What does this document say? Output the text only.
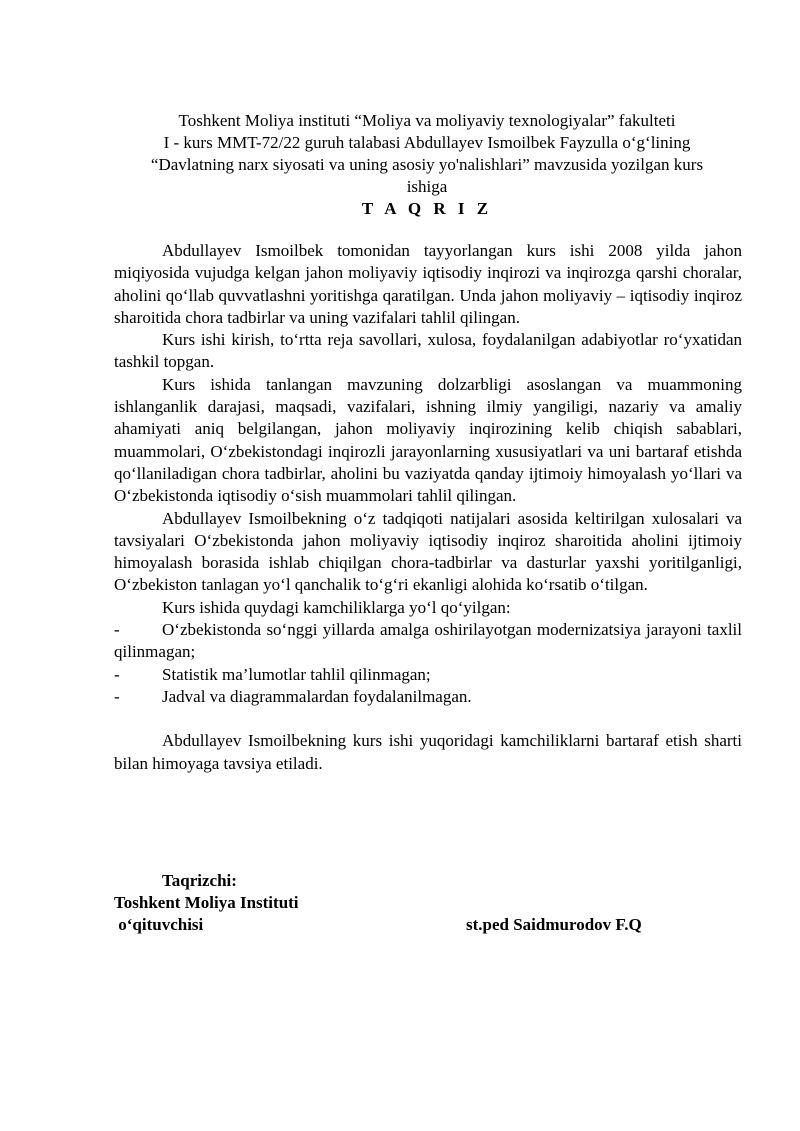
Toshkent Moliya instituti “Moliya va moliyaviy texnologiyalar” fakulteti
I - kurs MMT-72/22 guruh talabasi Abdullayev Ismoilbek Fayzulla o‘g‘lining
“Davlatning narx siyosati va uning asosiy yo'nalishlari” mavzusida yozilgan kurs
ishiga
T A Q R I Z

Abdullayev Ismoilbek tomonidan tayyorlangan kurs ishi 2008 yilda jahon miqiyosida vujudga kelgan jahon moliyaviy iqtisodiy inqirozi va inqirozga qarshi choralar, aholini qo‘llab quvvatlashni yoritishga qaratilgan. Unda jahon moliyaviy – iqtisodiy inqiroz sharoitida chora tadbirlar va uning vazifalari tahlil qilingan.

Kurs ishi kirish, to‘rtta reja savollari, xulosa, foydalanilgan adabiyotlar ro‘yxatidan tashkil topgan.

Kurs ishida tanlangan mavzuning dolzarbligi asoslangan va muammoning ishlanganlik darajasi, maqsadi, vazifalari, ishning ilmiy yangiligi, nazariy va amaliy ahamiyati aniq belgilangan, jahon moliyaviy inqirozining kelib chiqish sabablari, muammolari, O‘zbekistondagi inqirozli jarayonlarning xususiyatlari va uni bartaraf etishda qo‘llaniladigan chora tadbirlar, aholini bu vaziyatda qanday ijtimoiy himoyalash yo‘llari va O‘zbekistonda iqtisodiy o‘sish muammolari tahlil qilingan.

Abdullayev Ismoilbekning o‘z tadqiqoti natijalari asosida keltirilgan xulosalari va tavsiyalari O‘zbekistonda jahon moliyaviy iqtisodiy inqiroz sharoitida aholini ijtimoiy himoyalash borasida ishlab chiqilgan chora-tadbirlar va dasturlar yaxshi yoritilganligi, O‘zbekiston tanlagan yo‘l qanchalik to‘g‘ri ekanligi alohida ko‘rsatib o‘tilgan.

Kurs ishida quydagi kamchiliklarga yo‘l qo‘yilgan:

- O‘zbekistonda so‘nggi yillarda amalga oshirilayotgan modernizatsiya jarayoni taxlil qilinmagan;
-	Statistik ma’lumotlar tahlil qilinmagan;
-	Jadval va diagrammalardan foydalanilmagan.

Abdullayev Ismoilbekning kurs ishi yuqoridagi kamchiliklarni bartaraf etish sharti bilan himoyaga tavsiya etiladi.

Taqrizchi:
Toshkent Moliya Instituti
o‘qituvchisi	st.ped Saidmurodov F.Q
